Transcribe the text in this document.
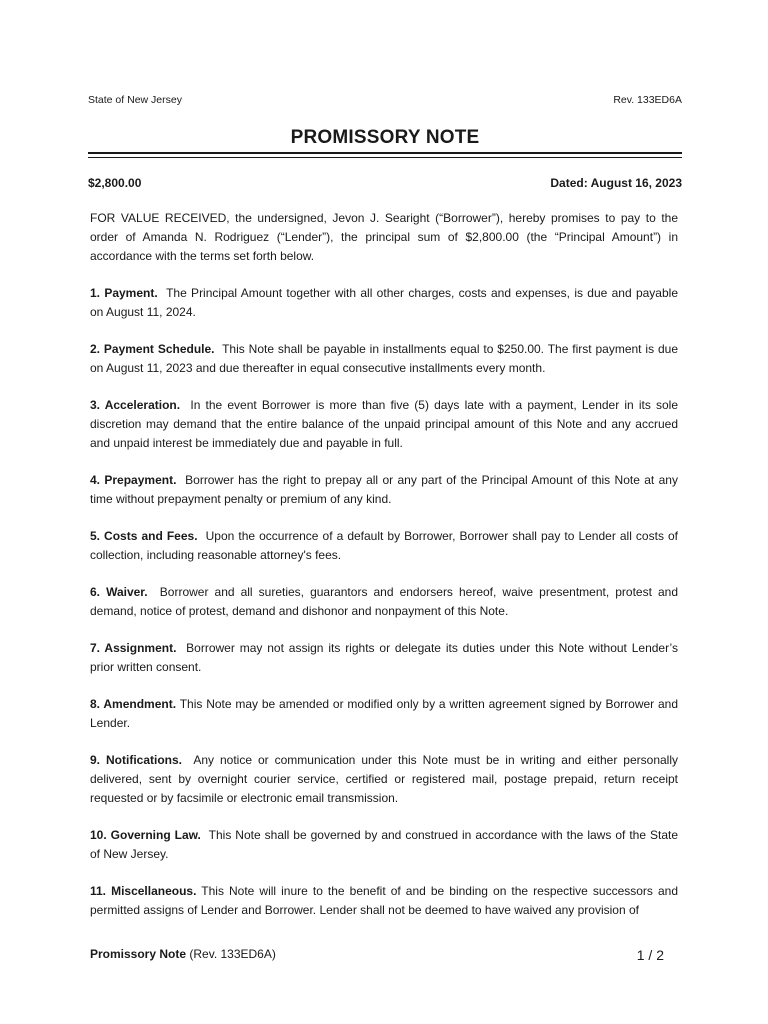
State of New Jersey	Rev. 133ED6A
PROMISSORY NOTE
$2,800.00	Dated: August 16, 2023

FOR VALUE RECEIVED, the undersigned, Jevon J. Searight (“Borrower”), hereby promises to pay to the order of Amanda N. Rodriguez (“Lender”), the principal sum of $2,800.00 (the “Principal Amount”) in accordance with the terms set forth below.

1. Payment. The Principal Amount together with all other charges, costs and expenses, is due and payable on August 11, 2024.

2. Payment Schedule. This Note shall be payable in installments equal to $250.00. The first payment is due on August 11, 2023 and due thereafter in equal consecutive installments every month.

3. Acceleration. In the event Borrower is more than five (5) days late with a payment, Lender in its sole discretion may demand that the entire balance of the unpaid principal amount of this Note and any accrued and unpaid interest be immediately due and payable in full.

4. Prepayment. Borrower has the right to prepay all or any part of the Principal Amount of this Note at any time without prepayment penalty or premium of any kind.

5. Costs and Fees. Upon the occurrence of a default by Borrower, Borrower shall pay to Lender all costs of collection, including reasonable attorney's fees.

6. Waiver. Borrower and all sureties, guarantors and endorsers hereof, waive presentment, protest and demand, notice of protest, demand and dishonor and nonpayment of this Note.

7. Assignment. Borrower may not assign its rights or delegate its duties under this Note without Lender’s prior written consent.

8. Amendment. This Note may be amended or modified only by a written agreement signed by Borrower and Lender.

9. Notifications. Any notice or communication under this Note must be in writing and either personally delivered, sent by overnight courier service, certified or registered mail, postage prepaid, return receipt requested or by facsimile or electronic email transmission.

10. Governing Law. This Note shall be governed by and construed in accordance with the laws of the State of New Jersey.

11. Miscellaneous. This Note will inure to the benefit of and be binding on the respective successors and permitted assigns of Lender and Borrower. Lender shall not be deemed to have waived any provision of

Promissory Note (Rev. 133ED6A)	1 / 2
